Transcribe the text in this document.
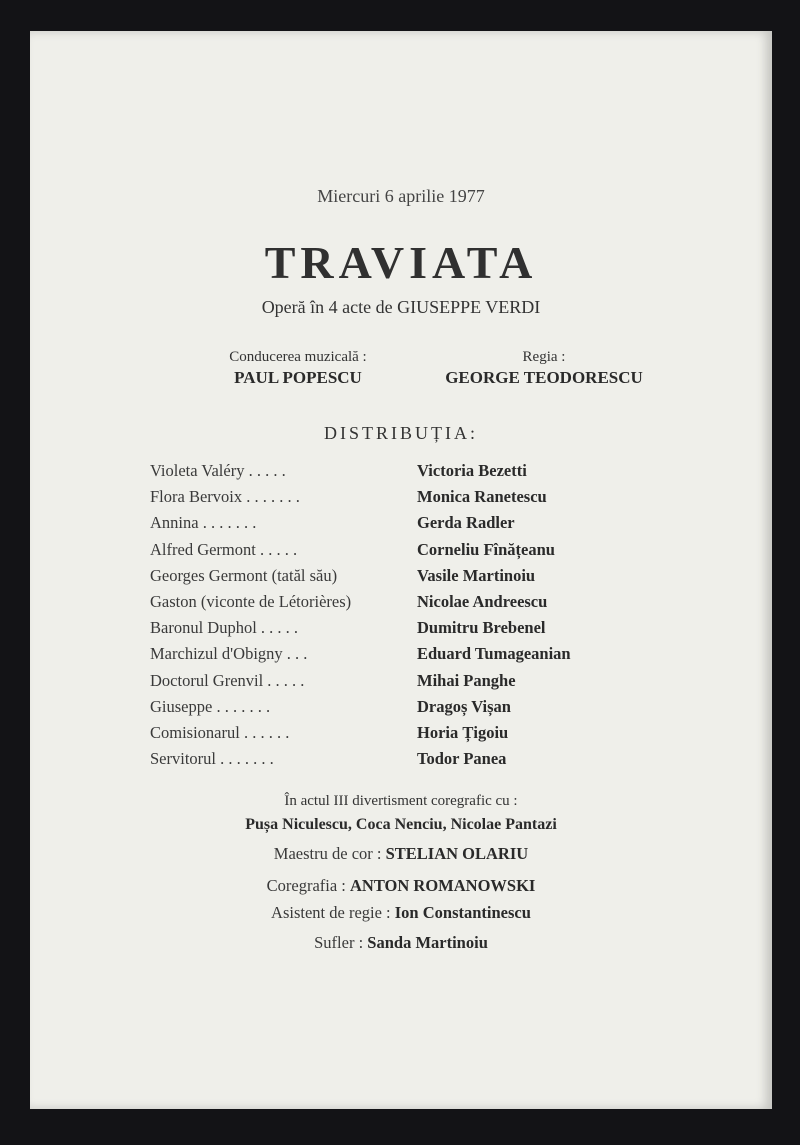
Miercuri 6 aprilie 1977
TRAVIATA
Operă în 4 acte de GIUSEPPE VERDI
Conducerea muzicală :
PAUL POPESCU
Regia :
GEORGE TEODORESCU
DISTRIBUȚIA:
Violeta Valéry . . . . .	Victoria Bezetti
Flora Bervoix . . . . . . .	Monica Ranetescu
Annina . . . . . . .	Gerda Radler
Alfred Germont . . . . .	Corneliu Fînățeanu
Georges Germont (tatăl său)	Vasile Martinoiu
Gaston (viconte de Létorières)	Nicolae Andreescu
Baronul Duphol . . . . .	Dumitru Brebenel
Marchizul d'Obigny . . .	Eduard Tumageanian
Doctorul Grenvil . . . . .	Mihai Panghe
Giuseppe . . . . . . .	Dragoș Vișan
Comisionarul . . . . . .	Horia Țigoiu
Servitorul . . . . . . .	Todor Panea
În actul III divertisment coregrafic cu :
Pușa Niculescu, Coca Nenciu, Nicolae Pantazi
Maestru de cor : STELIAN OLARIU
Coregrafia : ANTON ROMANOWSKI
Asistent de regie : Ion Constantinescu
Sufler : Sanda Martinoiu
